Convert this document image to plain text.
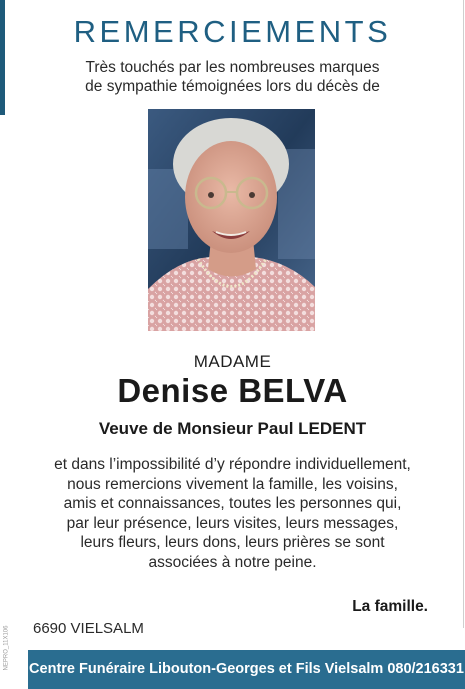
REMERCIEMENTS
Très touchés par les nombreuses marques
de sympathie témoignées lors du décès de
MADAME
Denise BELVA
Veuve de Monsieur Paul LEDENT
et dans l’impossibilité d’y répondre individuellement,
nous remercions vivement la famille, les voisins,
amis et connaissances, toutes les personnes qui,
par leur présence, leurs visites, leurs messages,
leurs fleurs, leurs dons, leurs prières se sont
associées à notre peine.
La famille.
6690 VIELSALM
NEPRO_11X106 Centre Funéraire Libouton-Georges et Fils Vielsalm 080/216331
